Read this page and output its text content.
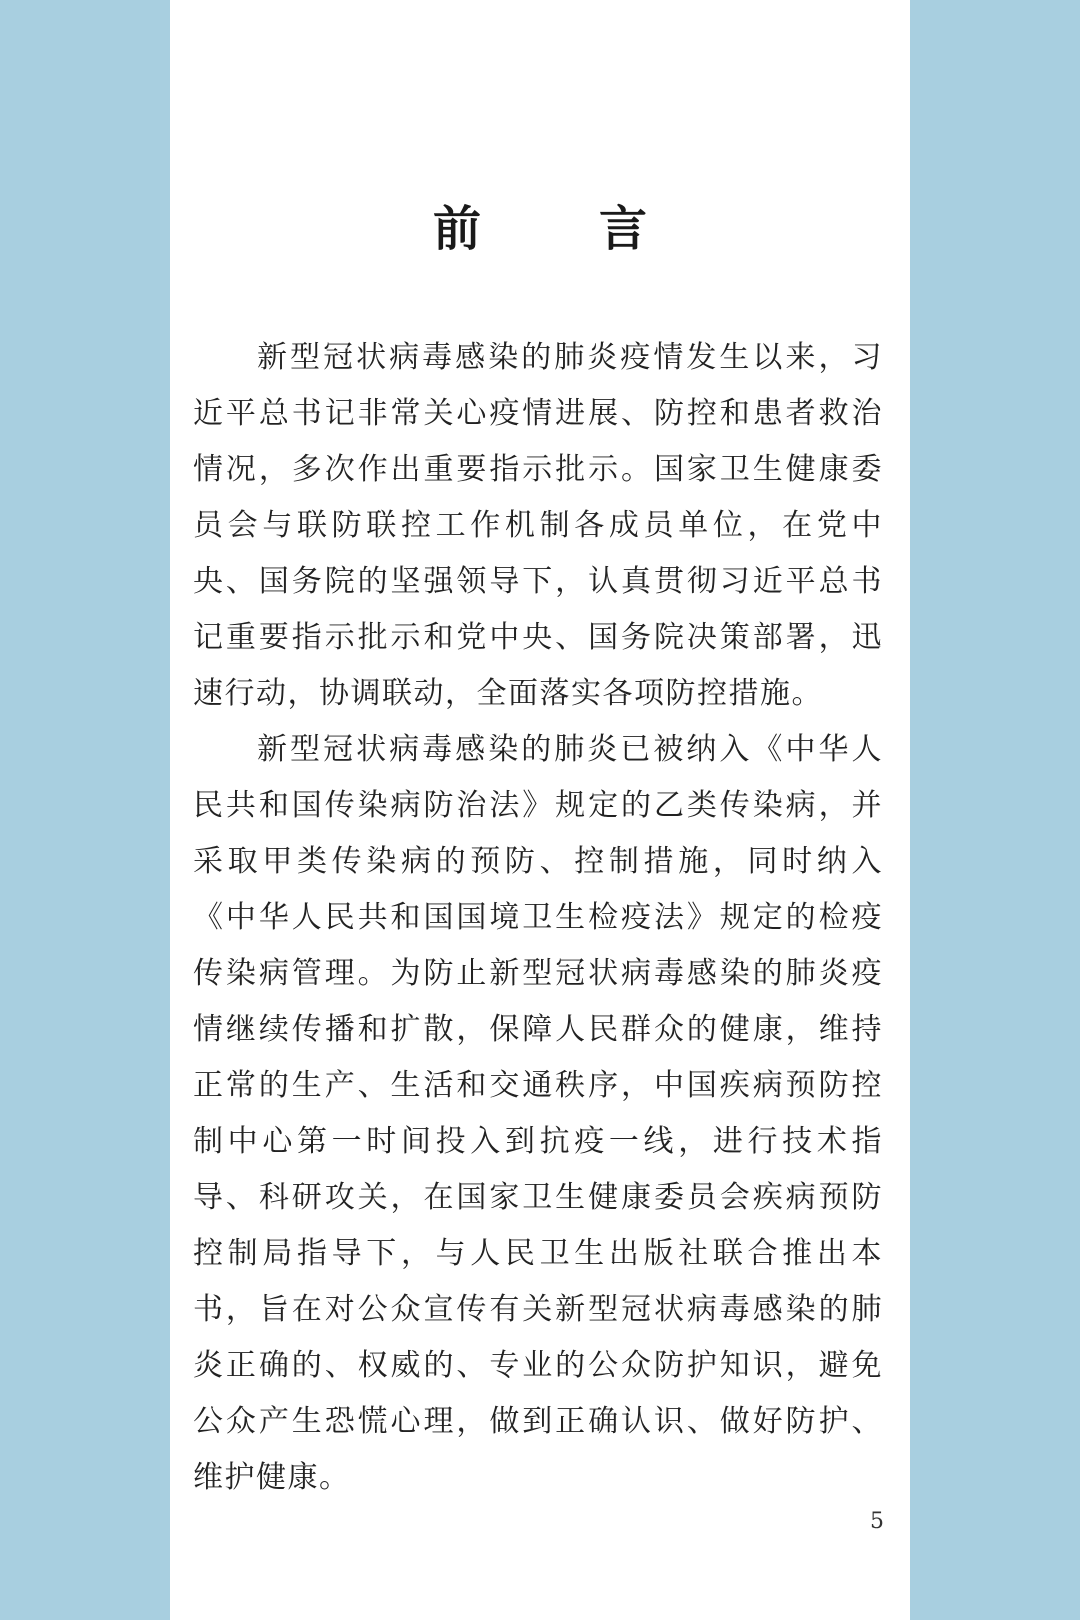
前 言

新型冠状病毒感染的肺炎疫情发生以来，习近平总书记非常关心疫情进展、防控和患者救治情况，多次作出重要指示批示。国家卫生健康委员会与联防联控工作机制各成员单位，在党中央、国务院的坚强领导下，认真贯彻习近平总书记重要指示批示和党中央、国务院决策部署，迅速行动，协调联动，全面落实各项防控措施。

新型冠状病毒感染的肺炎已被纳入《中华人民共和国传染病防治法》规定的乙类传染病，并采取甲类传染病的预防、控制措施，同时纳入《中华人民共和国国境卫生检疫法》规定的检疫传染病管理。为防止新型冠状病毒感染的肺炎疫情继续传播和扩散，保障人民群众的健康，维持正常的生产、生活和交通秩序，中国疾病预防控制中心第一时间投入到抗疫一线，进行技术指导、科研攻关，在国家卫生健康委员会疾病预防控制局指导下，与人民卫生出版社联合推出本书，旨在对公众宣传有关新型冠状病毒感染的肺炎正确的、权威的、专业的公众防护知识，避免公众产生恐慌心理，做到正确认识、做好防护、维护健康。

5
